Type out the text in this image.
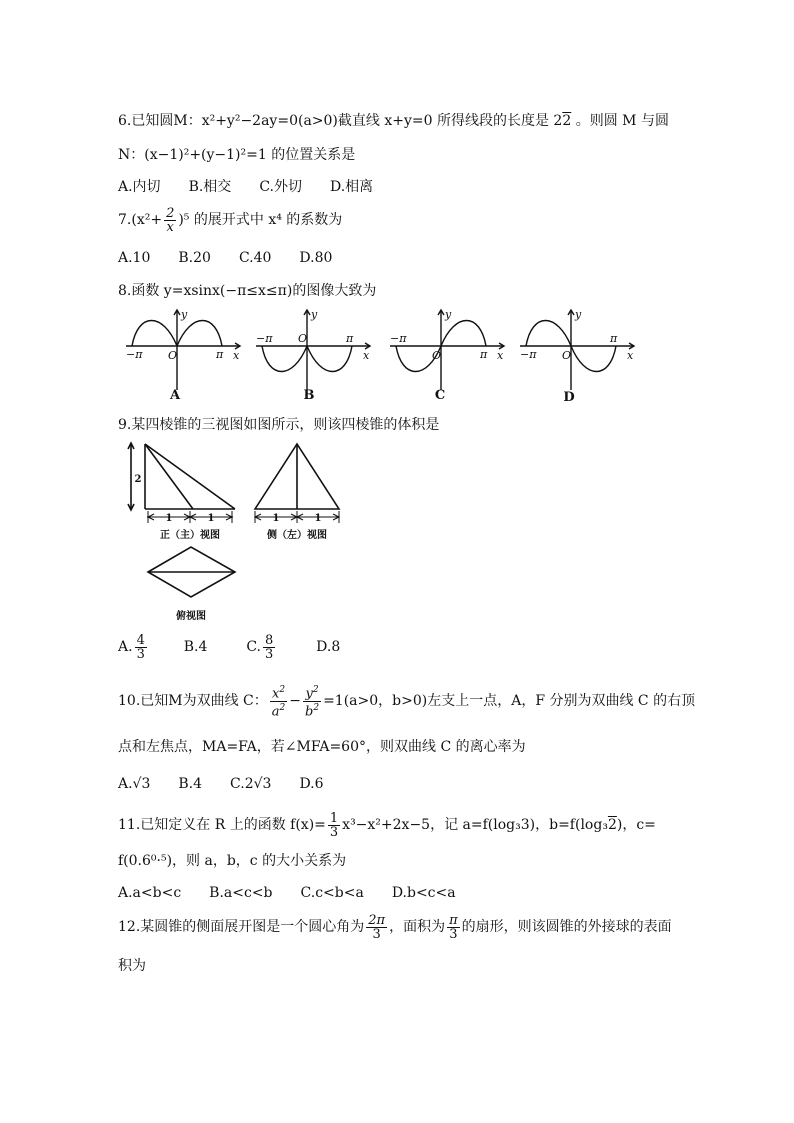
6.已知圆M：x²+y²−2ay=0(a>0)截直线 x+y=0 所得线段的长度是 22 。则圆 M 与圆
N：(x−1)²+(y−1)²=1 的位置关系是
A.内切 B.相交 C.外切 D.相离
$7.(x^2+ \frac{2}{x} )^5$ 的展开式中 x⁴ 的系数为
A.10 B.20 C.40 D.80
8.函数 y=xsinx(−π≤x≤π)的图像大致为
−π O	π x
y
−π O	π
x
y
−π
O	π x
y
−π O
π
x
y
A	B	C	D
9.某四棱锥的三视图如图所示，则该四棱锥的体积是
2
1	1	1	1
正（主）视图	侧（左）视图
俯视图
A. $\frac{4}{3}$	B.4	C. $\frac{8}{3}$	D.8
10.已知M为双曲线 C： $\frac{x^2}{a^2} - \frac{y^2}{b^2} =1(a>0$，b>0)左支上一点，A，F 分别为双曲线 C 的右顶
点和左焦点，MA=FA，若∠MFA=60°，则双曲线 C 的离心率为
A.√3 B.4 C.2√3 D.6
11.已知定义在 R 上的函数 $f(x)= \frac{1}{3} x^3-x^2+2x-5$，记 a=f(log₃3)，b=f(log₃2)，c=
f(0.6⁰·⁵)，则 a，b，c 的大小关系为
A.a<b<c B.a<c<b C.c<b<a D.b<c<a
12.某圆锥的侧面展开图是一个圆心角为 $\frac{2\pi}{3}$ ，面积为 $\frac{\pi}{3}$ 的扇形，则该圆锥的外接球的表面
积为
